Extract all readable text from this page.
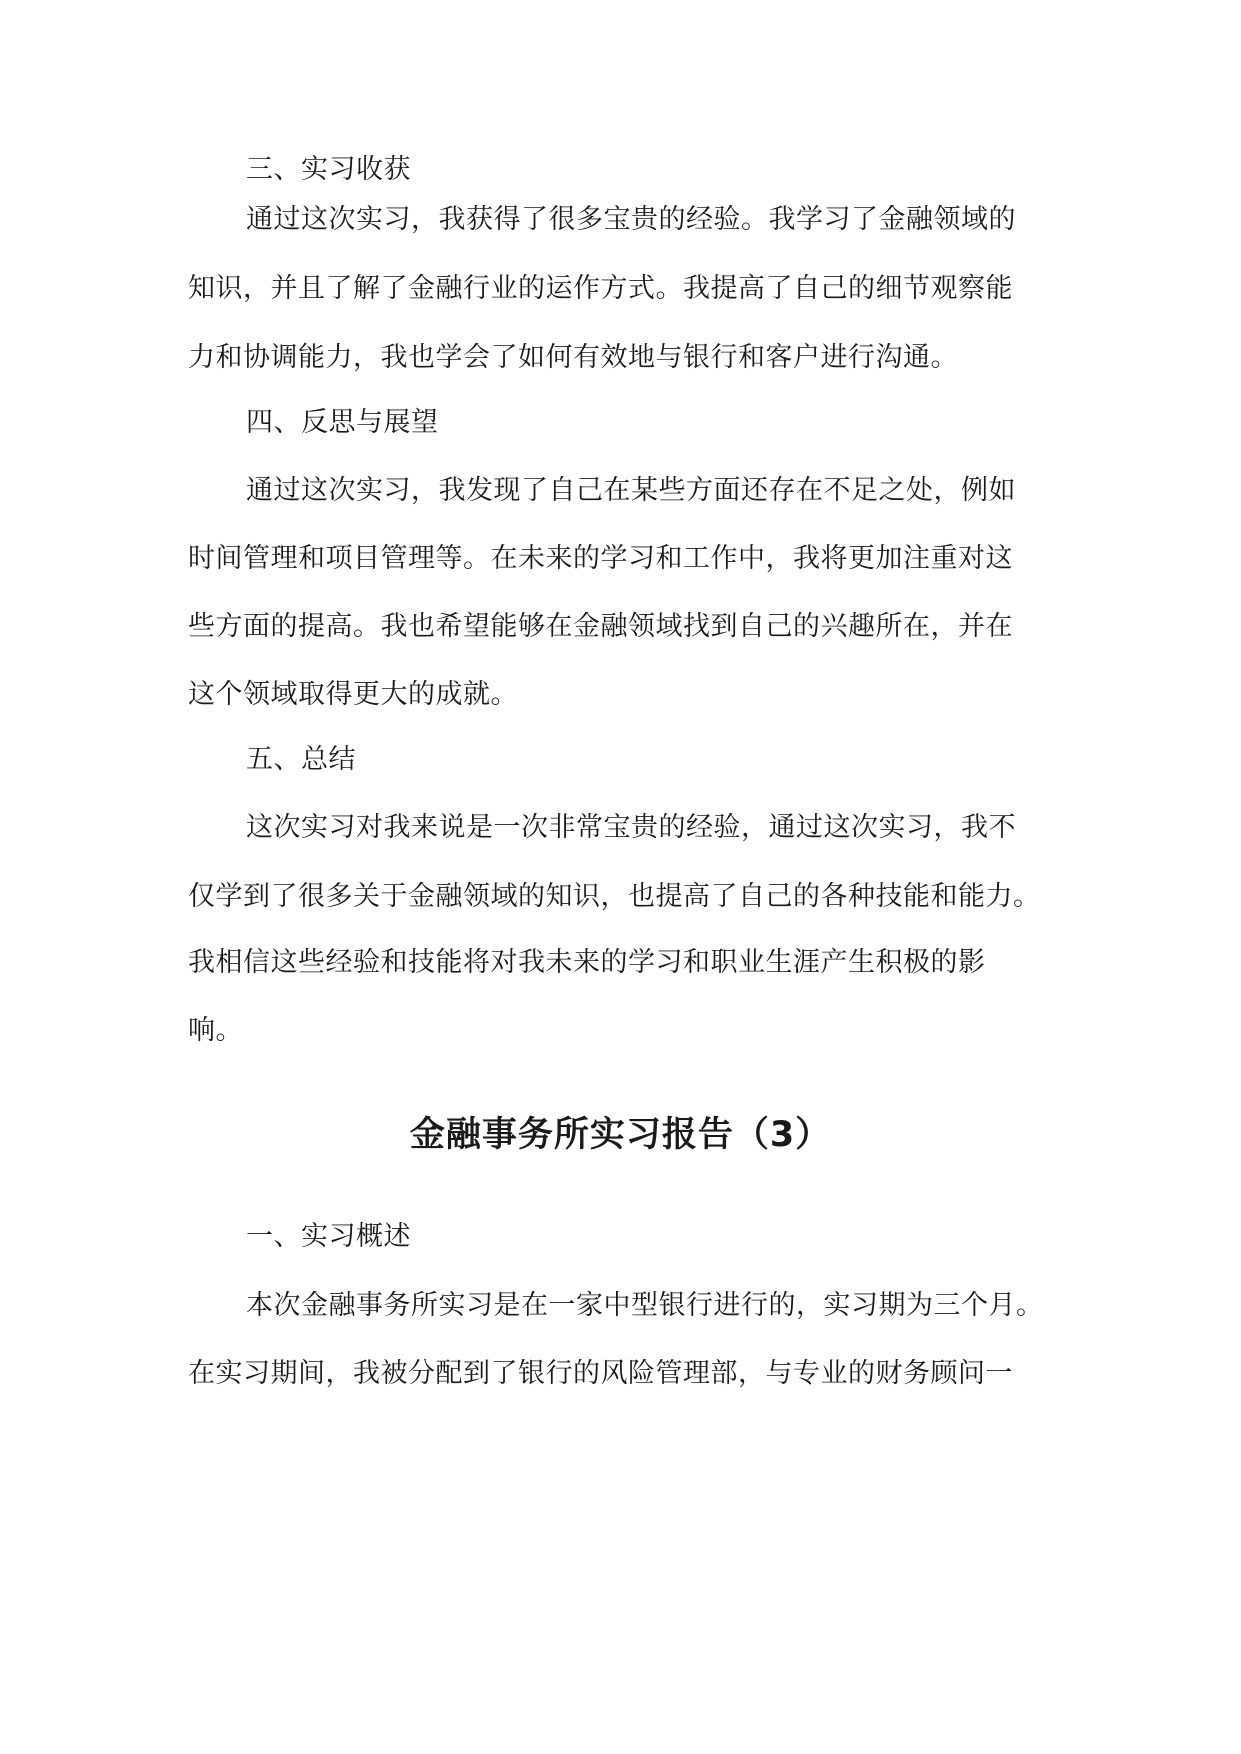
三、实习收获
通过这次实习，我获得了很多宝贵的经验。我学习了金融领域的
知识，并且了解了金融行业的运作方式。我提高了自己的细节观察能
力和协调能力，我也学会了如何有效地与银行和客户进行沟通。
四、反思与展望
通过这次实习，我发现了自己在某些方面还存在不足之处，例如
时间管理和项目管理等。在未来的学习和工作中，我将更加注重对这
些方面的提高。我也希望能够在金融领域找到自己的兴趣所在，并在
这个领域取得更大的成就。
五、总结
这次实习对我来说是一次非常宝贵的经验，通过这次实习，我不
仅学到了很多关于金融领域的知识，也提高了自己的各种技能和能力。
我相信这些经验和技能将对我未来的学习和职业生涯产生积极的影
响。
金融事务所实习报告（3）
一、实习概述
本次金融事务所实习是在一家中型银行进行的，实习期为三个月。
在实习期间，我被分配到了银行的风险管理部，与专业的财务顾问一
